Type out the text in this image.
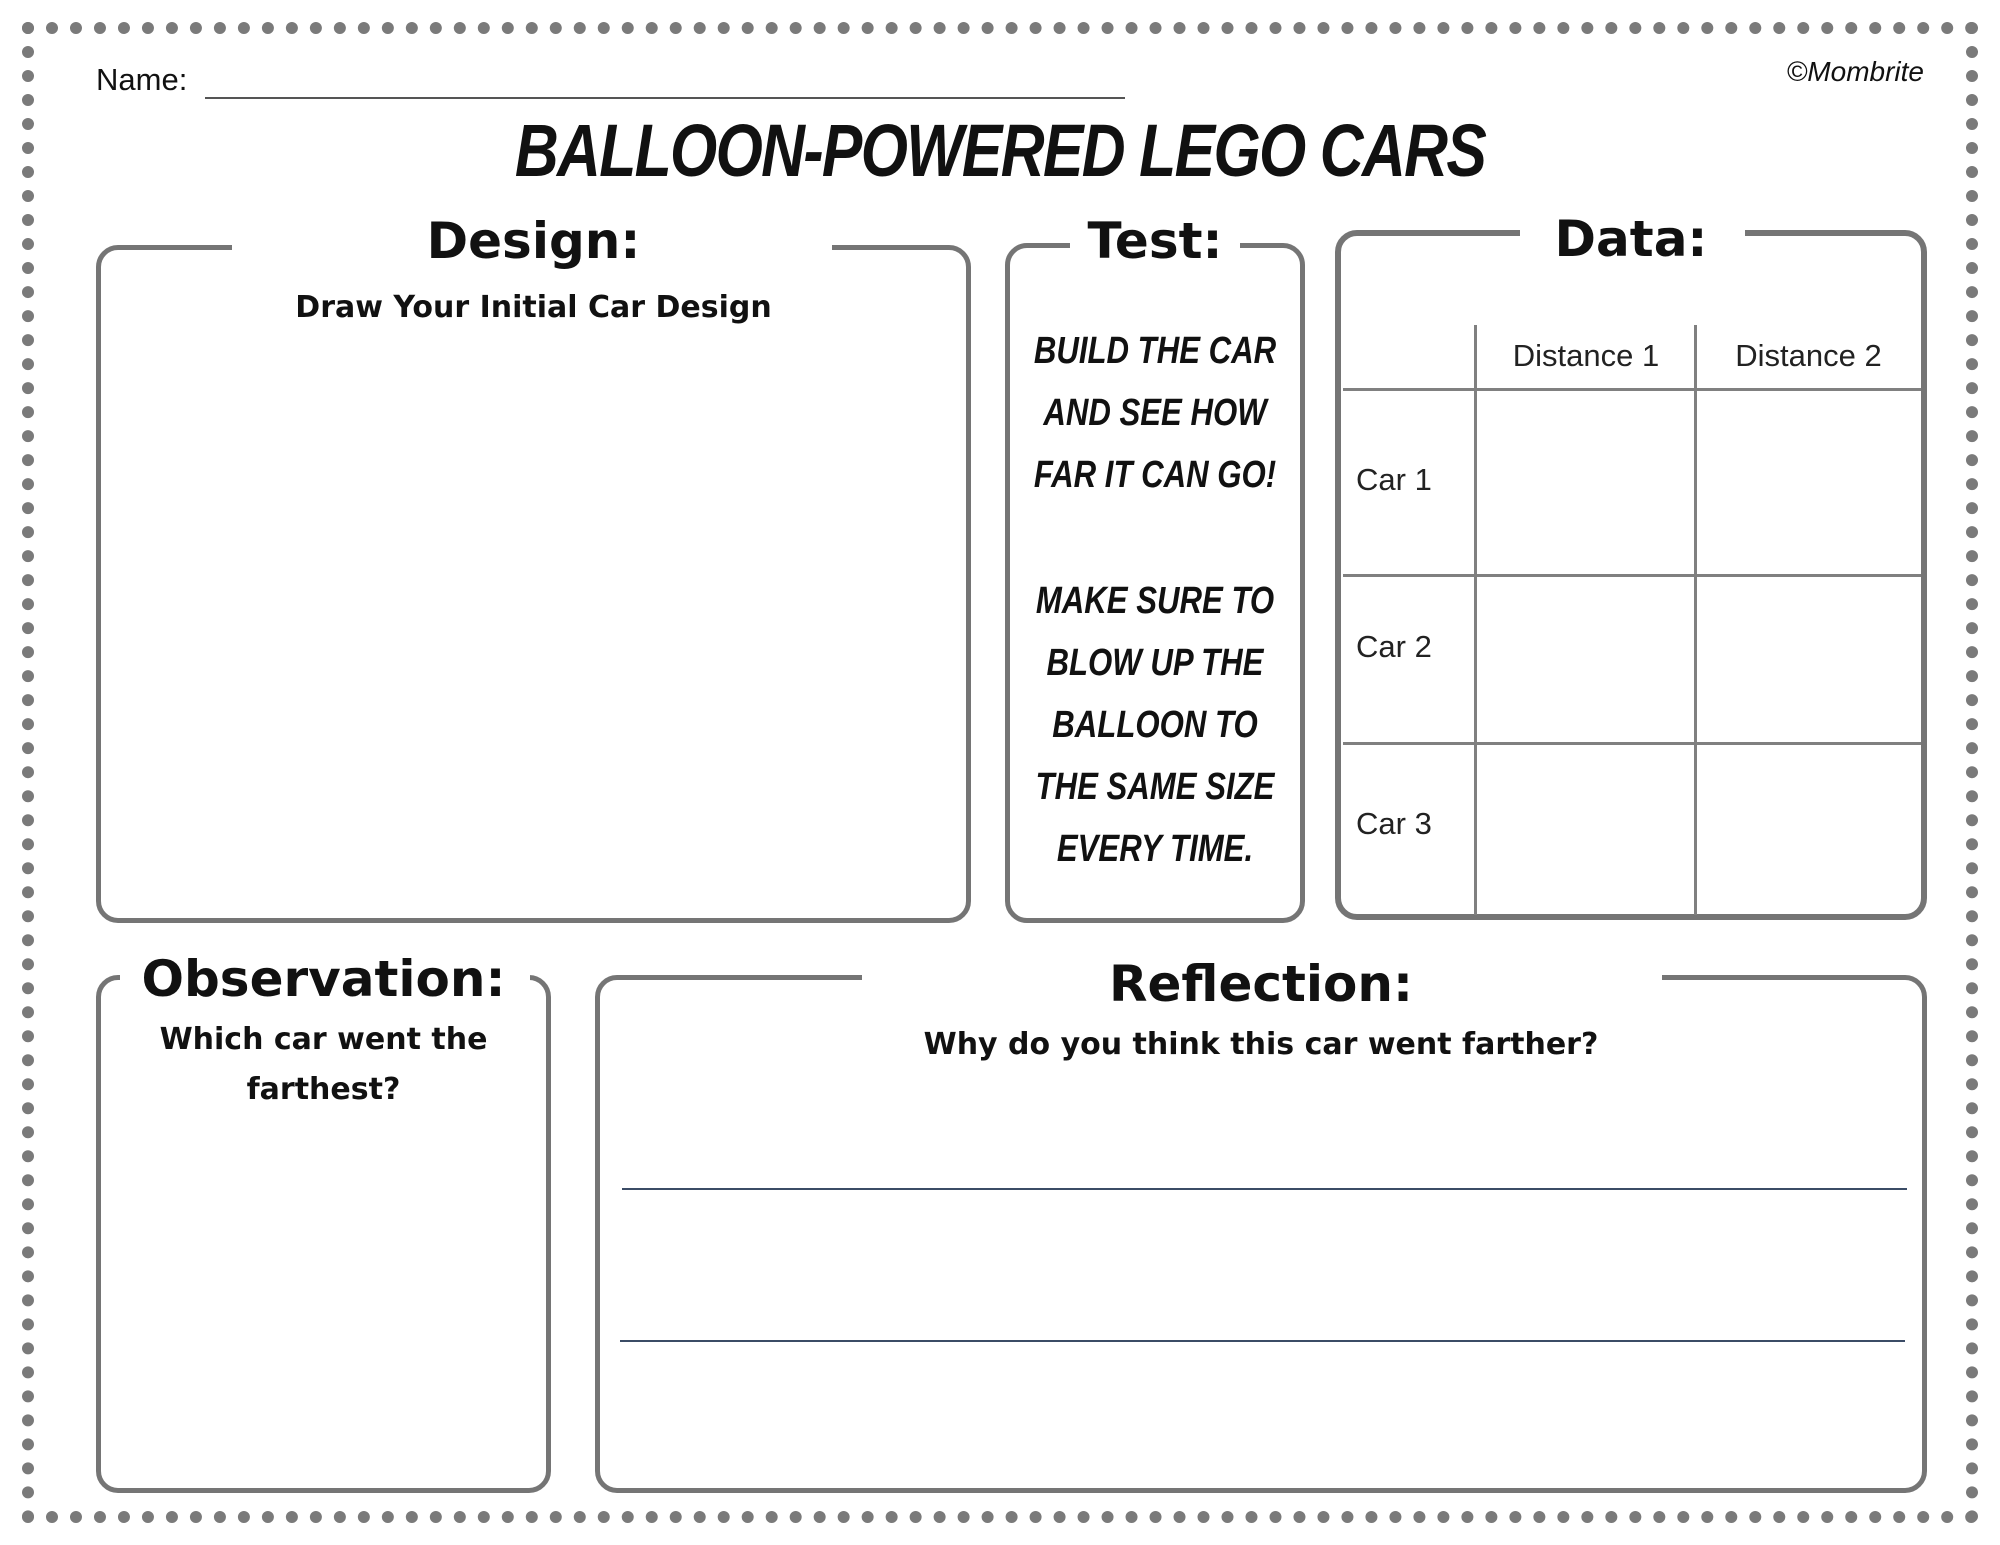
Name:	©Mombrite
BALLOON-POWERED LEGO CARS
Design:
Draw Your Initial Car Design
Test:
BUILD THE CAR
AND SEE HOW
FAR IT CAN GO!
MAKE SURE TO
BLOW UP THE
BALLOON TO
THE SAME SIZE
EVERY TIME.
Data:
Distance 1	Distance 2
Car 1
Car 2
Car 3
Observation:
Which car went the
farthest?
Reflection:
Why do you think this car went farther?
